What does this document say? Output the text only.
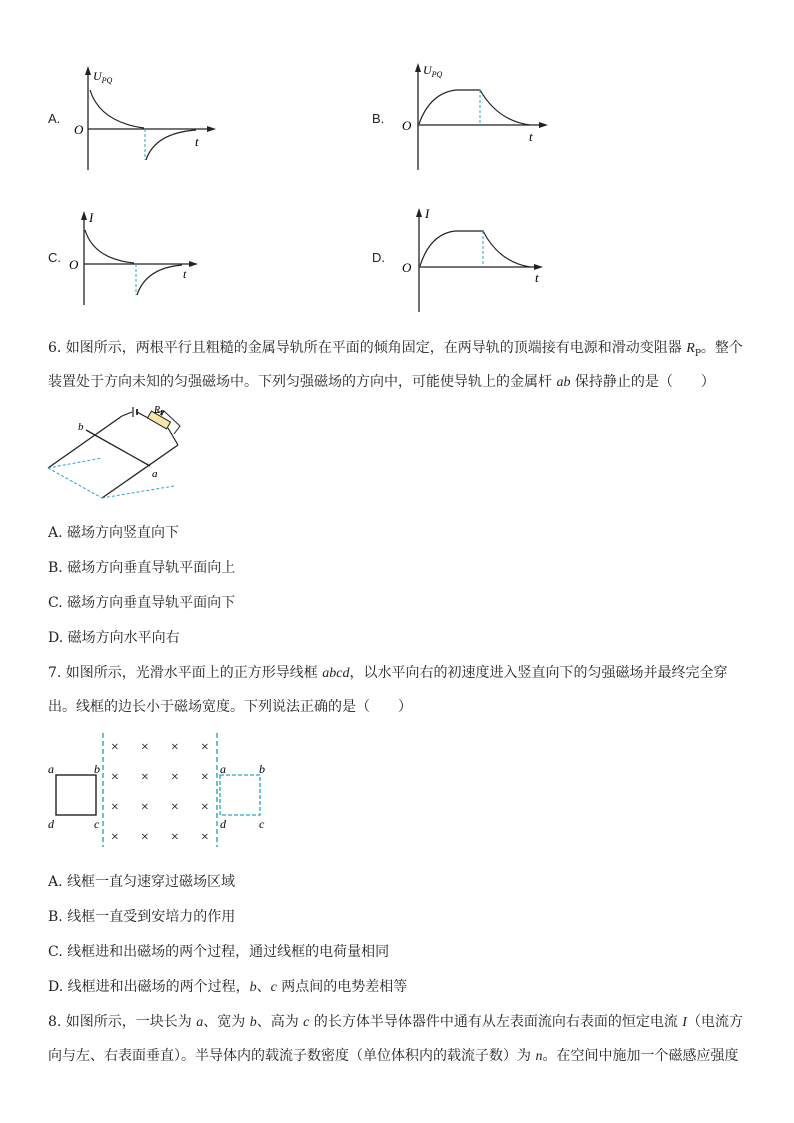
A.
$U_{PQ}$
O
t
B.
$U_{PQ}$
O
t
C.
I
O
t
D.
I
O
t
6. 如图所示，两根平行且粗糙的金属导轨所在平面的倾角固定，在两导轨的顶端接有电源和滑动变阻器 $R_P$。整个
装置处于方向未知的匀强磁场中。下列匀强磁场的方向中，可能使导轨上的金属杆 ab 保持静止的是（　　）
b
a
$R_P$
A. 磁场方向竖直向下
B. 磁场方向垂直导轨平面向上
C. 磁场方向垂直导轨平面向下
D. 磁场方向水平向右
7. 如图所示，光滑水平面上的正方形导线框 abcd，以水平向右的初速度进入竖直向下的匀强磁场并最终完全穿
出。线框的边长小于磁场宽度。下列说法正确的是（　　）
a	b
d	c
× × × ×
× × × ×
× × × ×
× × × ×
a	b
d	c
A. 线框一直匀速穿过磁场区域
B. 线框一直受到安培力的作用
C. 线框进和出磁场的两个过程，通过线框的电荷量相同
D. 线框进和出磁场的两个过程，b、c 两点间的电势差相等
8. 如图所示，一块长为 a、宽为 b、高为 c 的长方体半导体器件中通有从左表面流向右表面的恒定电流 I（电流方
向与左、右表面垂直）。半导体内的载流子数密度（单位体积内的载流子数）为 n。在空间中施加一个磁感应强度
